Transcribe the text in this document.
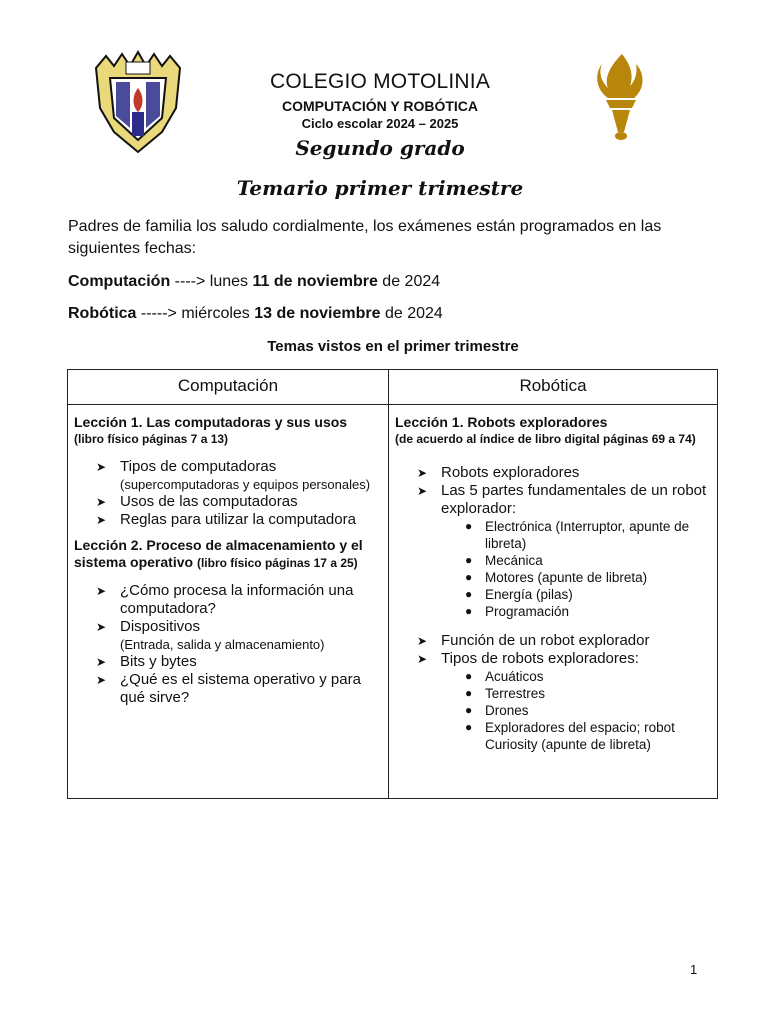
COLEGIO MOTOLINIA
COMPUTACIÓN Y ROBÓTICA
Ciclo escolar 2024 – 2025
Segundo grado
Temario primer trimestre
Padres de familia los saludo cordialmente, los exámenes están programados en las siguientes fechas:
Computación ----> lunes 11 de noviembre de 2024
Robótica -----> miércoles 13 de noviembre de 2024
Temas vistos en el primer trimestre
Computación	Robótica
Lección 1. Las computadoras y sus usos
(libro físico páginas 7 a 13)
➤ Tipos de computadoras
(supercomputadoras y equipos personales)
➤ Usos de las computadoras
➤ Reglas para utilizar la computadora
Lección 2. Proceso de almacenamiento y el sistema operativo (libro físico páginas 17 a 25)
➤ ¿Cómo procesa la información una computadora?
➤ Dispositivos
(Entrada, salida y almacenamiento)
➤ Bits y bytes
➤ ¿Qué es el sistema operativo y para qué sirve?
Lección 1. Robots exploradores
(de acuerdo al índice de libro digital páginas 69 a 74)
➤ Robots exploradores
➤ Las 5 partes fundamentales de un robot explorador:
● Electrónica (Interruptor, apunte de libreta)
● Mecánica
● Motores (apunte de libreta)
● Energía (pilas)
● Programación
➤ Función de un robot explorador
➤ Tipos de robots exploradores:
● Acuáticos
● Terrestres
● Drones
● Exploradores del espacio; robot Curiosity (apunte de libreta)
1
